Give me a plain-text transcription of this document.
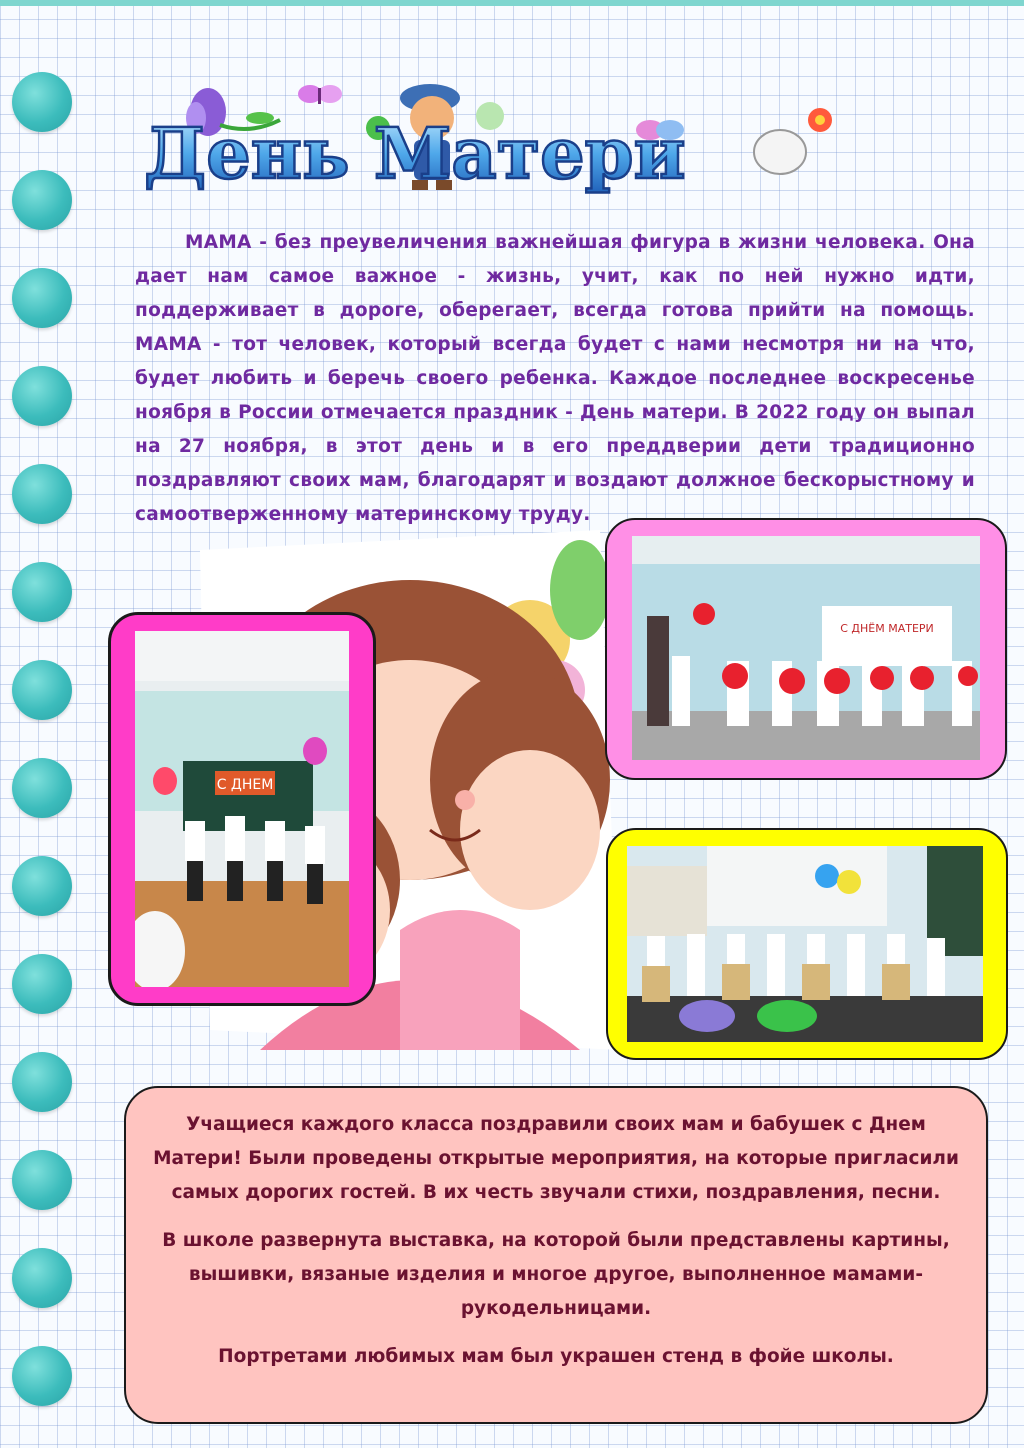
День Матери

МАМА - без преувеличения важнейшая фигура в жизни человека. Она дает нам самое важное - жизнь, учит, как по ней нужно идти, поддерживает в дороге, оберегает, всегда готова прийти на помощь. МАМА - тот человек, который всегда будет с нами несмотря ни на что, будет любить и беречь своего ребенка. Каждое последнее воскресенье ноября в России отмечается праздник - День матери. В 2022 году он выпал на 27 ноября, в этот день и в его преддверии дети традиционно поздравляют своих мам, благодарят и воздают должное бескорыстному и самоотверженному материнскому труду.

С ДНЕМ
С ДНЁМ МАТЕРИ

Учащиеся каждого класса поздравили своих мам и бабушек с Днем Матери! Были проведены открытые мероприятия, на которые пригласили самых дорогих гостей. В их честь звучали стихи, поздравления, песни.

В школе развернута выставка, на которой были представлены картины, вышивки, вязаные изделия и многое другое, выполненное мамами-рукодельницами.

Портретами любимых мам был украшен стенд в фойе школы.
